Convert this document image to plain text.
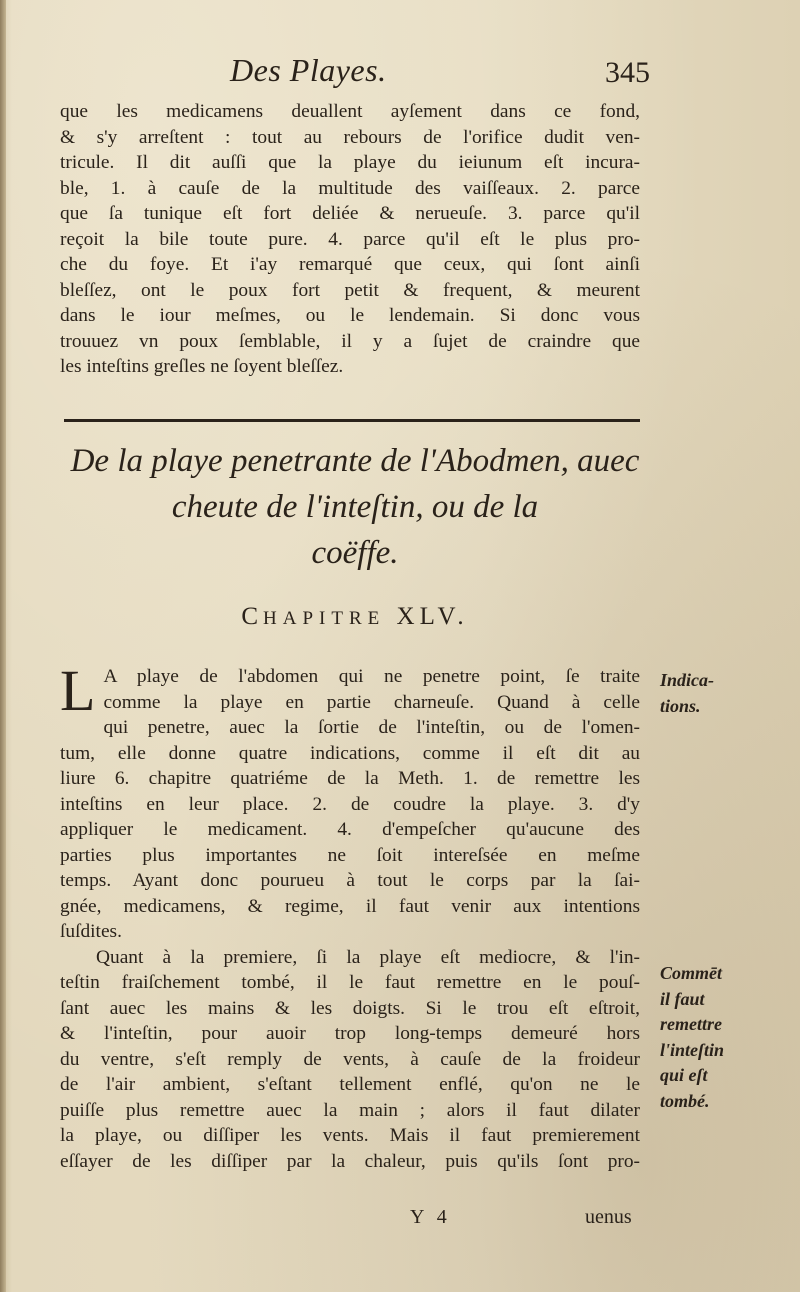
Des Playes.	345
que les medicamens deuallent ayſement dans ce fond,
& s'y arreſtent : tout au rebours de l'orifice dudit ven-
tricule. Il dit auſſi que la playe du ieiunum eſt incura-
ble, 1. à cauſe de la multitude des vaiſſeaux. 2. parce
que ſa tunique eſt fort deliée & nerueuſe. 3. parce qu'il
reçoit la bile toute pure. 4. parce qu'il eſt le plus pro-
che du foye. Et i'ay remarqué que ceux, qui ſont ainſi
bleſſez, ont le poux fort petit & frequent, & meurent
dans le iour meſmes, ou le lendemain. Si donc vous
trouuez vn poux ſemblable, il y a ſujet de craindre que
les inteſtins greſles ne ſoyent bleſſez.
De la playe penetrante de l'Abodmen, auec
cheute de l'inteſtin, ou de la
coëffe.
CHAPITRE XLV.
L A playe de l'abdomen qui ne penetre point, ſe traite
comme la playe en partie charneuſe. Quand à celle
qui penetre, auec la ſortie de l'inteſtin, ou de l'omen-
tum, elle donne quatre indications, comme il eſt dit au
liure 6. chapitre quatriéme de la Meth. 1. de remettre les
inteſtins en leur place. 2. de coudre la playe. 3. d'y
appliquer le medicament. 4. d'empeſcher qu'aucune des
parties plus importantes ne ſoit intereſsée en meſme
temps. Ayant donc pourueu à tout le corps par la ſai-
gnée, medicamens, & regime, il faut venir aux intentions
ſuſdites.
Quant à la premiere, ſi la playe eſt mediocre, & l'in-
teſtin fraiſchement tombé, il le faut remettre en le pouſ-
ſant auec les mains & les doigts. Si le trou eſt eſtroit,
& l'inteſtin, pour auoir trop long-temps demeuré hors
du ventre, s'eſt remply de vents, à cauſe de la froideur
de l'air ambient, s'eſtant tellement enflé, qu'on ne le
puiſſe plus remettre auec la main ; alors il faut dilater
la playe, ou diſſiper les vents. Mais il faut premierement
eſſayer de les diſſiper par la chaleur, puis qu'ils ſont pro-
Indica-
tions.
Commēt
il faut
remettre
l'inteſtin
qui eſt
tombé.
Y 4	uenus
